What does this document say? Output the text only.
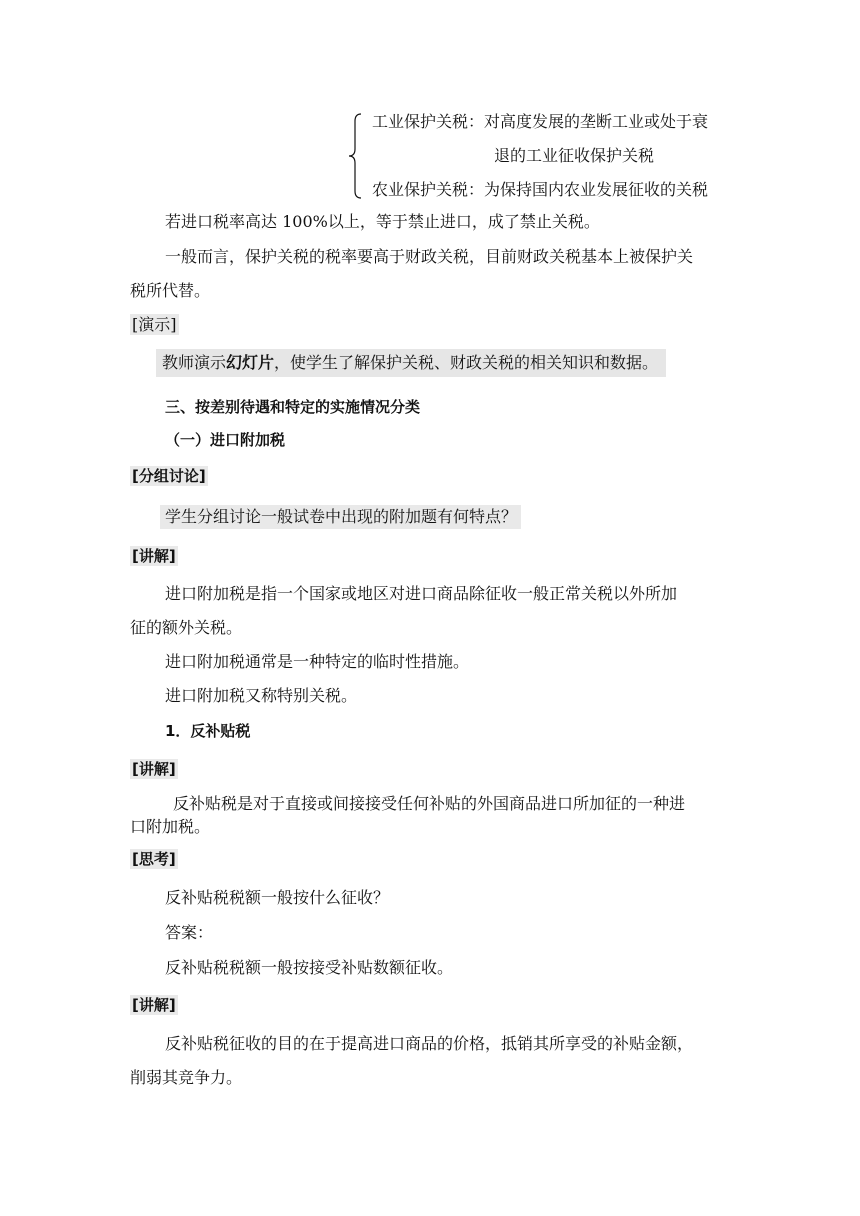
工业保护关税：对高度发展的垄断工业或处于衰
退的工业征收保护关税
农业保护关税：为保持国内农业发展征收的关税
若进口税率高达 100%以上，等于禁止进口，成了禁止关税。
一般而言，保护关税的税率要高于财政关税，目前财政关税基本上被保护关
税所代替。
[演示]
教师演示幻灯片，使学生了解保护关税、财政关税的相关知识和数据。
三、按差别待遇和特定的实施情况分类
（一）进口附加税
[分组讨论]
学生分组讨论一般试卷中出现的附加题有何特点？
[讲解]
进口附加税是指一个国家或地区对进口商品除征收一般正常关税以外所加
征的额外关税。
进口附加税通常是一种特定的临时性措施。
进口附加税又称特别关税。
1．反补贴税
[讲解]
反补贴税是对于直接或间接接受任何补贴的外国商品进口所加征的一种进
口附加税。
[思考]
反补贴税税额一般按什么征收？
答案：
反补贴税税额一般按接受补贴数额征收。
[讲解]
反补贴税征收的目的在于提高进口商品的价格，抵销其所享受的补贴金额，
削弱其竞争力。
